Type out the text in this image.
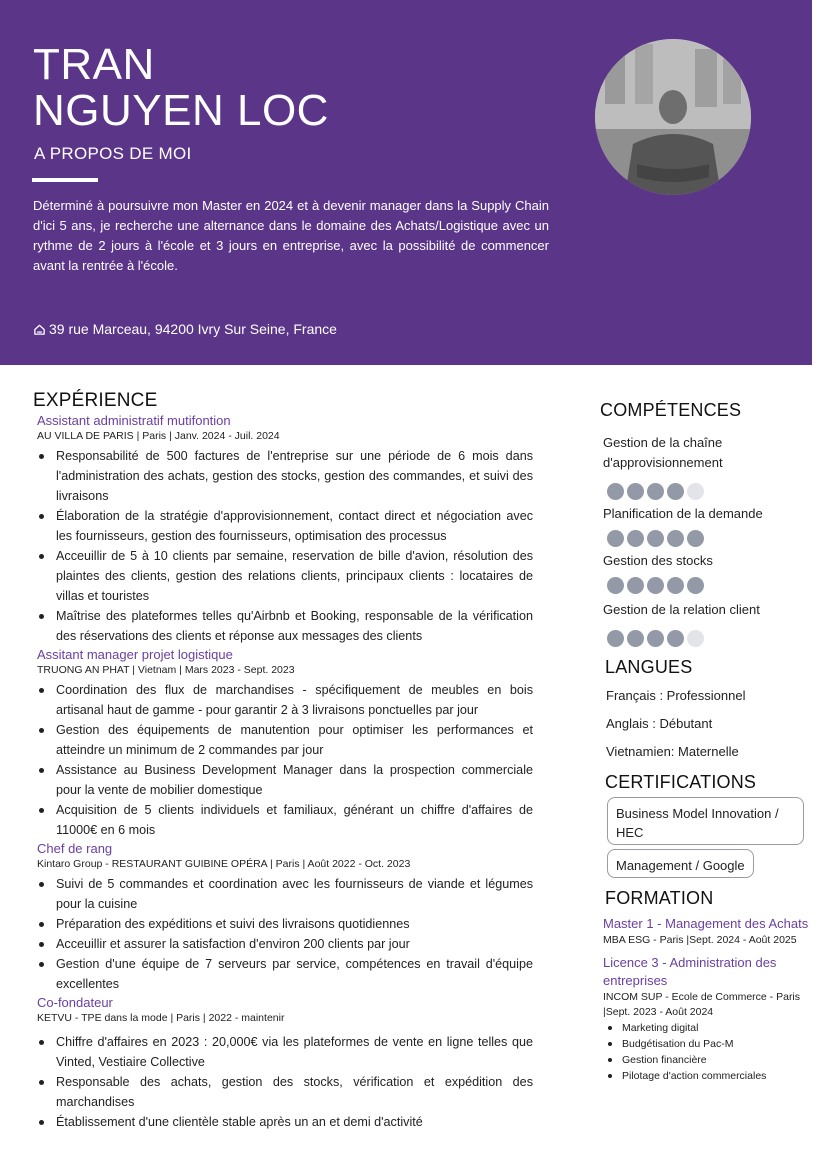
TRAN
NGUYEN LOC
A PROPOS DE MOI
Déterminé à poursuivre mon Master en 2024 et à devenir manager dans la Supply Chain d'ici 5 ans, je recherche une alternance dans le domaine des Achats/Logistique avec un rythme de 2 jours à l'école et 3 jours en entreprise, avec la possibilité de commencer avant la rentrée à l'école.
39 rue Marceau, 94200 Ivry Sur Seine, France
EXPÉRIENCE
Assistant administratif mutifontion
AU VILLA DE PARIS | Paris | Janv. 2024 - Juil. 2024
Responsabilité de 500 factures de l'entreprise sur une période de 6 mois dans l'administration des achats, gestion des stocks, gestion des commandes, et suivi des livraisons
Élaboration de la stratégie d'approvisionnement, contact direct et négociation avec les fournisseurs, gestion des fournisseurs, optimisation des processus
Acceuillir de 5 à 10 clients par semaine, reservation de bille d'avion, résolution des plaintes des clients, gestion des relations clients, principaux clients : locataires de villas et touristes
Maîtrise des plateformes telles qu'Airbnb et Booking, responsable de la vérification des réservations des clients et réponse aux messages des clients
Assitant manager projet logistique
TRUONG AN PHAT | Vietnam | Mars 2023 - Sept. 2023
Coordination des flux de marchandises - spécifiquement de meubles en bois artisanal haut de gamme - pour garantir 2 à 3 livraisons ponctuelles par jour
Gestion des équipements de manutention pour optimiser les performances et atteindre un minimum de 2 commandes par jour
Assistance au Business Development Manager dans la prospection commerciale pour la vente de mobilier domestique
Acquisition de 5 clients individuels et familiaux, générant un chiffre d'affaires de 11000€ en 6 mois
Chef de rang
Kintaro Group - RESTAURANT GUIBINE OPÉRA | Paris | Août 2022 - Oct. 2023
Suivi de 5 commandes et coordination avec les fournisseurs de viande et légumes pour la cuisine
Préparation des expéditions et suivi des livraisons quotidiennes
Acceuillir et assurer la satisfaction d'environ 200 clients par jour
Gestion d'une équipe de 7 serveurs par service, compétences en travail d'équipe excellentes
Co-fondateur
KETVU - TPE dans la mode | Paris | 2022 - maintenir
Chiffre d'affaires en 2023 : 20,000€ via les plateformes de vente en ligne telles que Vinted, Vestiaire Collective
Responsable des achats, gestion des stocks, vérification et expédition des marchandises
Établissement d'une clientèle stable après un an et demi d'activité
COMPÉTENCES
Gestion de la chaîne d'approvisionnement
Planification de la demande
Gestion des stocks
Gestion de la relation client
LANGUES
Français : Professionnel
Anglais : Débutant
Vietnamien: Maternelle
CERTIFICATIONS
Business Model Innovation / HEC Management / Google
FORMATION
Master 1 - Management des Achats
MBA ESG - Paris |Sept. 2024 - Août 2025
Licence 3 - Administration des entreprises
INCOM SUP - Ecole de Commerce - Paris |Sept. 2023 - Août 2024
Marketing digital
Budgétisation du Pac-M
Gestion financière
Pilotage d'action commerciales
